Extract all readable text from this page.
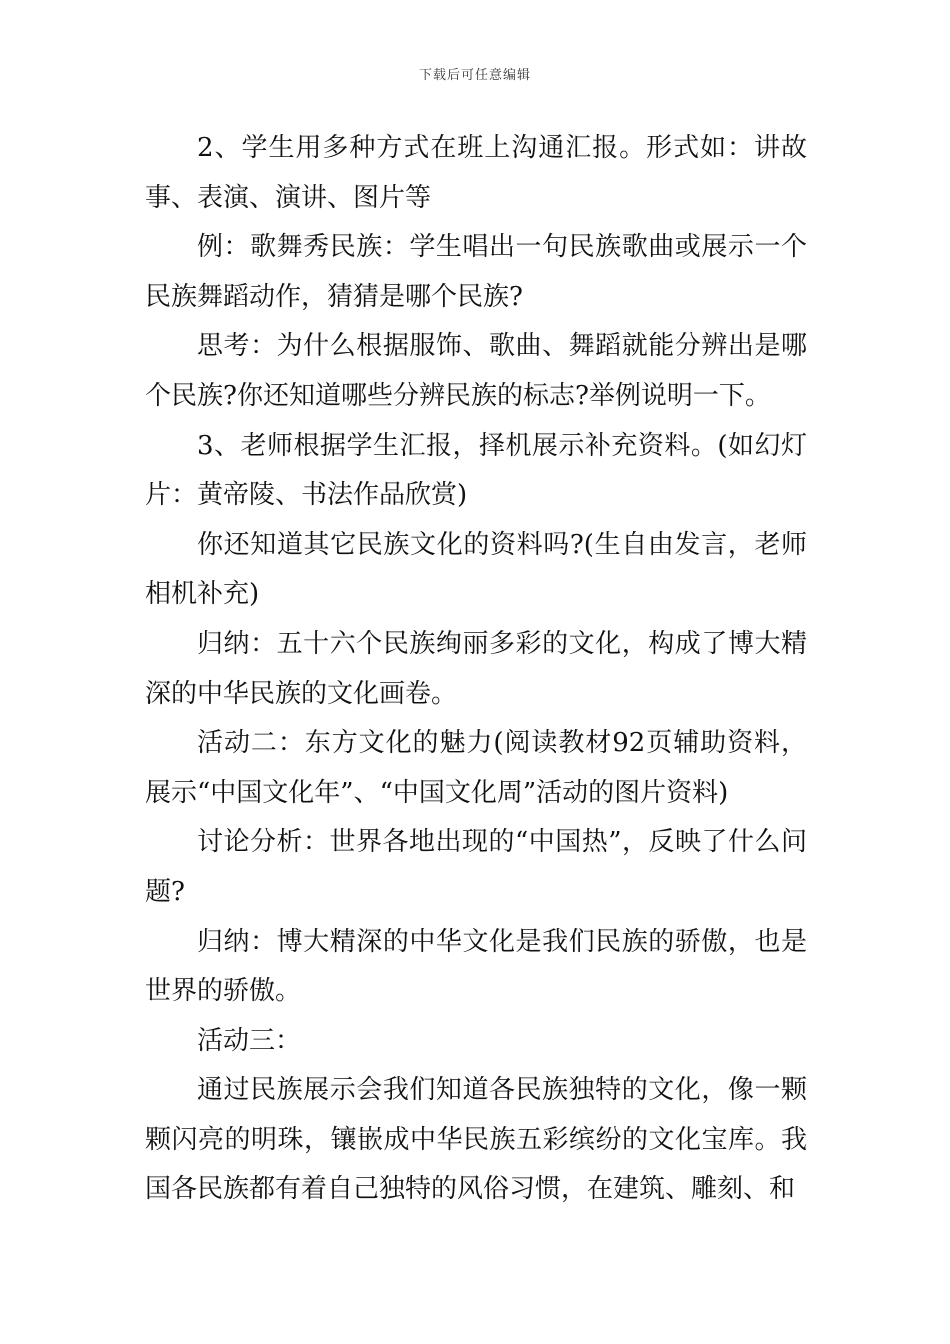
下载后可任意编辑

2、学生用多种方式在班上沟通汇报。形式如：讲故事、表演、演讲、图片等

例：歌舞秀民族：学生唱出一句民族歌曲或展示一个民族舞蹈动作，猜猜是哪个民族?

思考：为什么根据服饰、歌曲、舞蹈就能分辨出是哪个民族?你还知道哪些分辨民族的标志?举例说明一下。

3、老师根据学生汇报，择机展示补充资料。(如幻灯片：黄帝陵、书法作品欣赏)

你还知道其它民族文化的资料吗?(生自由发言，老师相机补充)

归纳：五十六个民族绚丽多彩的文化，构成了博大精深的中华民族的文化画卷。

活动二：东方文化的魅力(阅读教材92页辅助资料，展示“中国文化年”、“中国文化周”活动的图片资料)

讨论分析：世界各地出现的“中国热”，反映了什么问题?

归纳：博大精深的中华文化是我们民族的骄傲，也是世界的骄傲。

活动三：

通过民族展示会我们知道各民族独特的文化，像一颗颗闪亮的明珠，镶嵌成中华民族五彩缤纷的文化宝库。我国各民族都有着自己独特的风俗习惯，在建筑、雕刻、和
